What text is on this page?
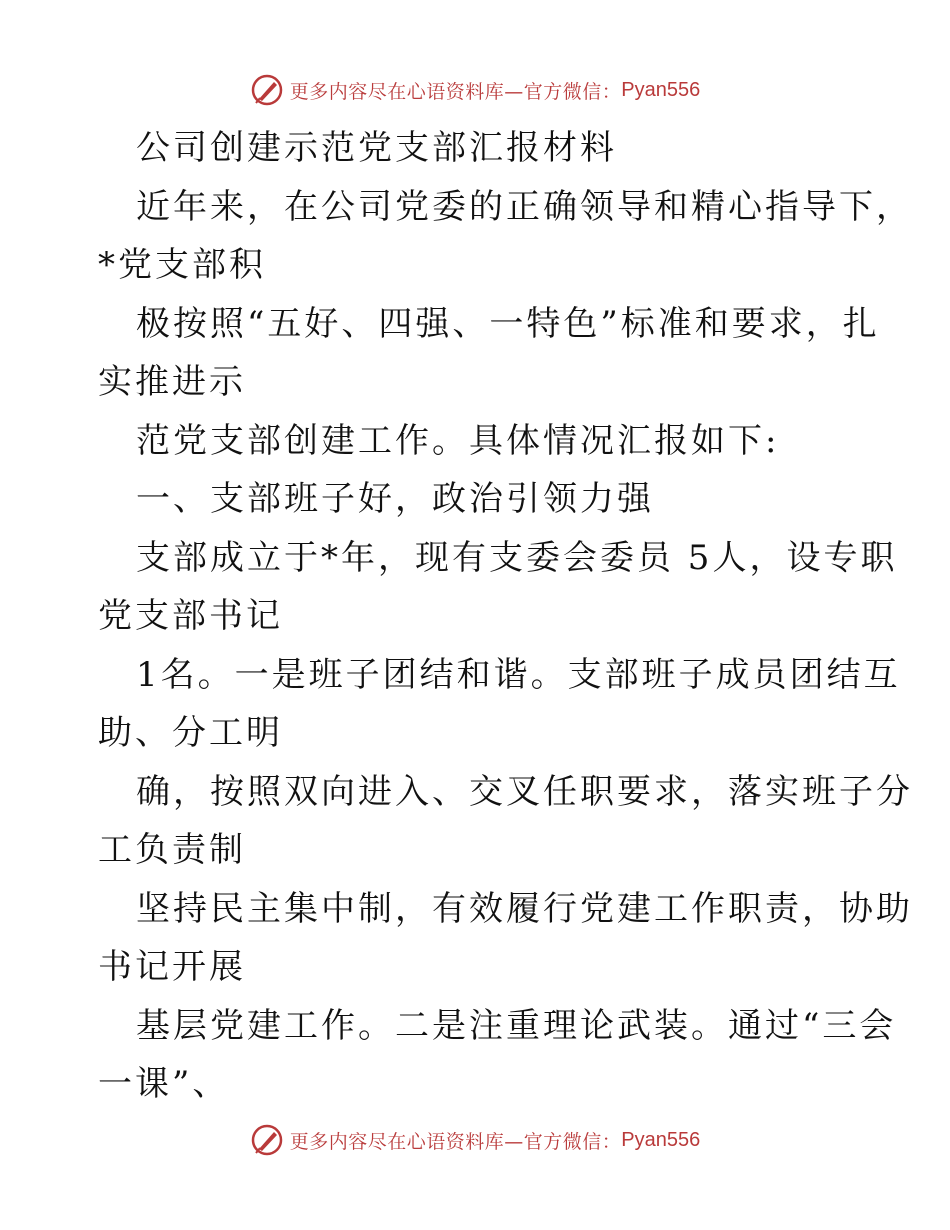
更多内容尽在心语资料库—官方微信： Pyan556
公司创建示范党支部汇报材料
近年来，在公司党委的正确领导和精心指导下，
*党支部积
极按照“五好、四强、一特色”标准和要求，扎
实推进示
范党支部创建工作。具体情况汇报如下:
一、支部班子好，政治引领力强
支部成立于*年，现有支委会委员 5人，设专职
党支部书记
1名。一是班子团结和谐。支部班子成员团结互
助、分工明
确，按照双向进入、交叉任职要求，落实班子分
工负责制
坚持民主集中制，有效履行党建工作职责，协助
书记开展
基层党建工作。二是注重理论武装。通过“三会
一课”、
更多内容尽在心语资料库—官方微信： Pyan556
